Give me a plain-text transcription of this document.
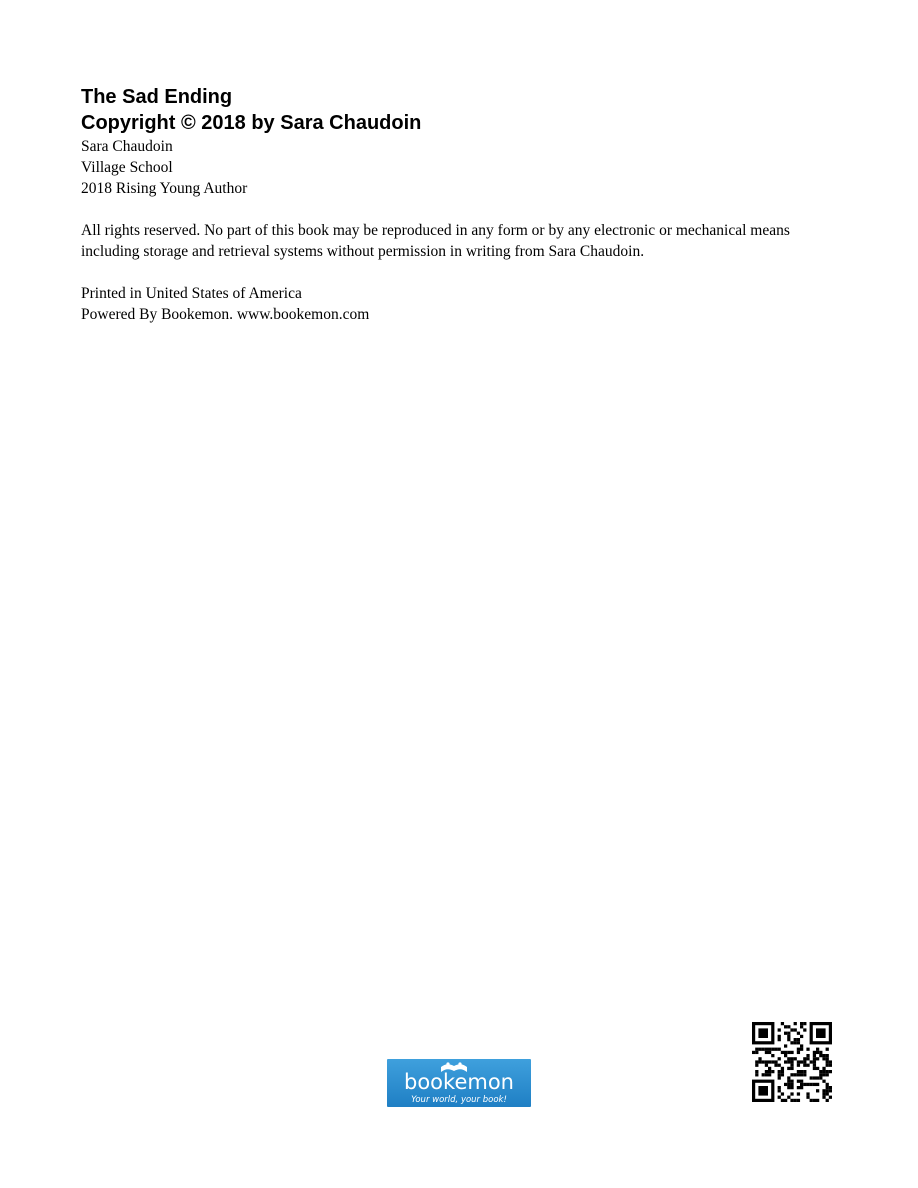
The Sad Ending

Copyright © 2018 by Sara Chaudoin

Sara Chaudoin

Village School

2018 Rising Young Author

All rights reserved. No part of this book may be reproduced in any form or by any electronic or mechanical means including storage and retrieval systems without permission in writing from Sara Chaudoin.

Printed in United States of America

Powered By Bookemon. www.bookemon.com

bookemon
Your world, your book!
